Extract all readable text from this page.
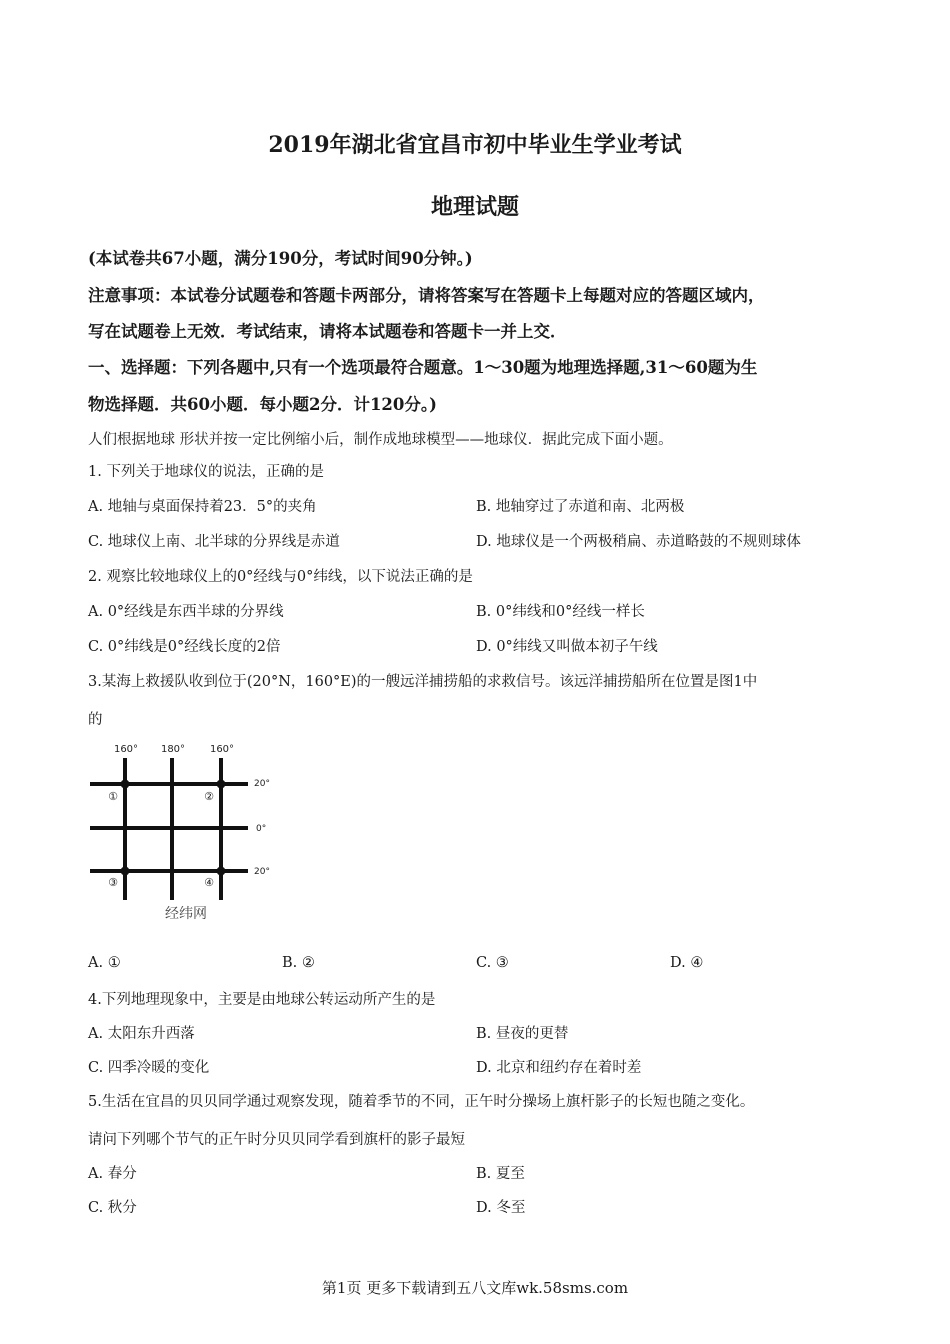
2019年湖北省宜昌市初中毕业生学业考试
地理试题
(本试卷共67小题，满分190分，考试时间90分钟。)
注意事项：本试卷分试题卷和答题卡两部分，请将答案写在答题卡上每题对应的答题区域内，
写在试题卷上无效．考试结束，请将本试题卷和答题卡一并上交．
一、选择题：下列各题中,只有一个选项最符合题意。1～30题为地理选择题,31～60题为生
物选择题．共60小题．每小题2分．计120分。)
人们根据地球 形状并按一定比例缩小后，制作成地球模型——地球仪．据此完成下面小题。
1. 下列关于地球仪的说法，正确的是
A. 地轴与桌面保持着23．5°的夹角	B. 地轴穿过了赤道和南、北两极
C. 地球仪上南、北半球的分界线是赤道	D. 地球仪是一个两极稍扁、赤道略鼓的不规则球体
2. 观察比较地球仪上的0°经线与0°纬线，以下说法正确的是
A. 0°经线是东西半球的分界线	B. 0°纬线和0°经线一样长
C. 0°纬线是0°经线长度的2倍	D. 0°纬线又叫做本初子午线
3.某海上救援队收到位于(20°N，160°E)的一艘远洋捕捞船的求救信号。该远洋捕捞船所在位置是图1中
的
160° 180° 160°
20°
0°
20°
①	②
③	④
经纬网
A. ①	B. ②	C. ③	D. ④
4.下列地理现象中，主要是由地球公转运动所产生的是
A. 太阳东升西落	B. 昼夜的更替
C. 四季冷暖的变化	D. 北京和纽约存在着时差
5.生活在宜昌的贝贝同学通过观察发现，随着季节的不同，正午时分操场上旗杆影子的长短也随之变化。
请问下列哪个节气的正午时分贝贝同学看到旗杆的影子最短
A. 春分	B. 夏至
C. 秋分	D. 冬至
第1页 更多下载请到五八文库wk.58sms.com
